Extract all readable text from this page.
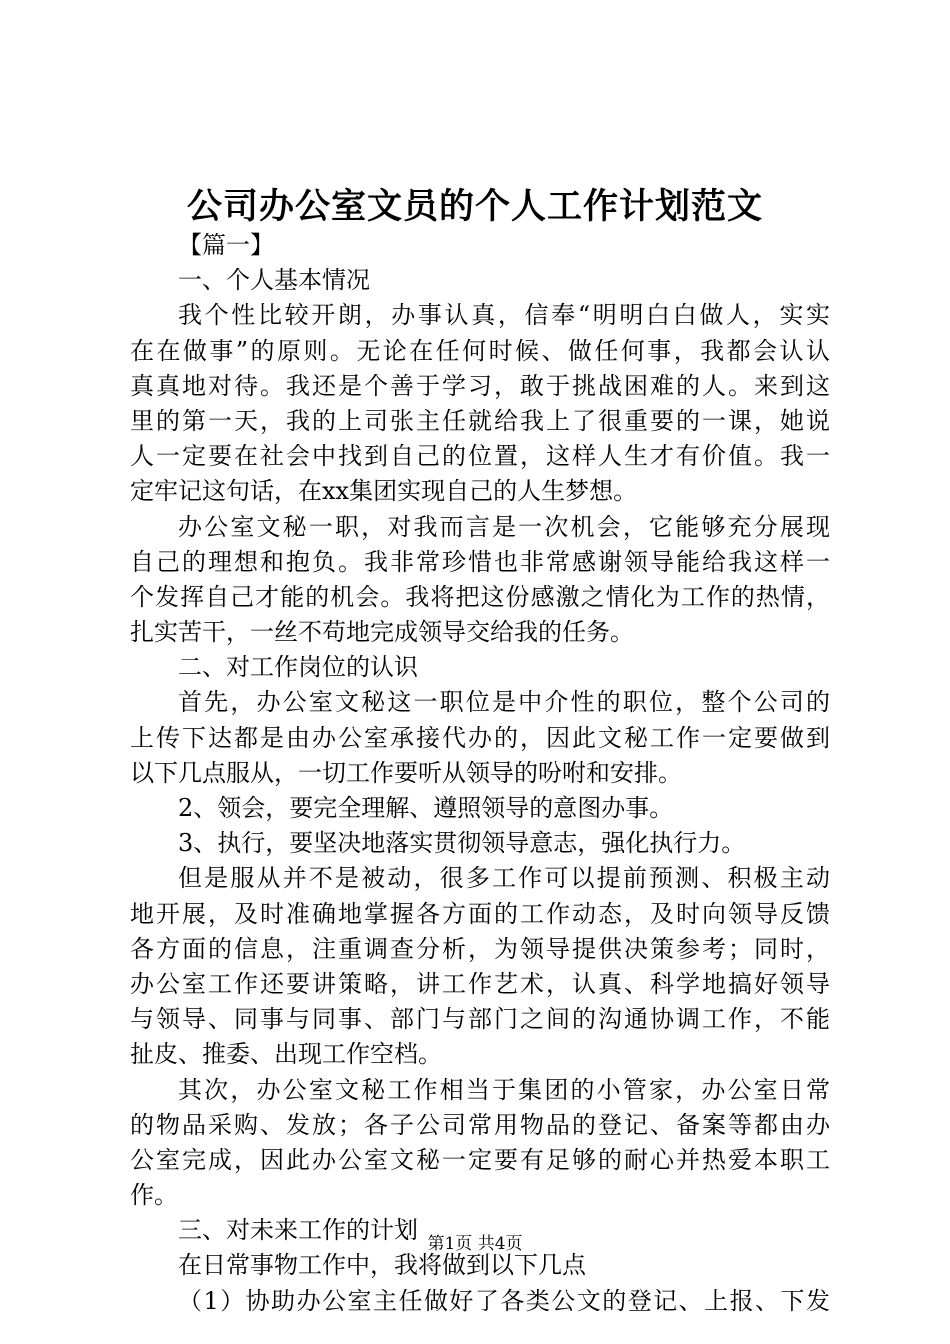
公司办公室文员的个人工作计划范文
【篇一】
一、个人基本情况
我个性比较开朗，办事认真，信奉“明明白白做人，实实
在在做事”的原则。无论在任何时候、做任何事，我都会认认
真真地对待。我还是个善于学习，敢于挑战困难的人。来到这
里的第一天，我的上司张主任就给我上了很重要的一课，她说
人一定要在社会中找到自己的位置，这样人生才有价值。我一
定牢记这句话，在xx集团实现自己的人生梦想。
办公室文秘一职，对我而言是一次机会，它能够充分展现
自己的理想和抱负。我非常珍惜也非常感谢领导能给我这样一
个发挥自己才能的机会。我将把这份感激之情化为工作的热情，
扎实苦干，一丝不苟地完成领导交给我的任务。
二、对工作岗位的认识
首先，办公室文秘这一职位是中介性的职位，整个公司的
上传下达都是由办公室承接代办的，因此文秘工作一定要做到
以下几点服从，一切工作要听从领导的吩咐和安排。
2、领会，要完全理解、遵照领导的意图办事。
3、执行，要坚决地落实贯彻领导意志，强化执行力。
但是服从并不是被动，很多工作可以提前预测、积极主动
地开展，及时准确地掌握各方面的工作动态，及时向领导反馈
各方面的信息，注重调查分析，为领导提供决策参考；同时，
办公室工作还要讲策略，讲工作艺术，认真、科学地搞好领导
与领导、同事与同事、部门与部门之间的沟通协调工作，不能
扯皮、推委、出现工作空档。
其次，办公室文秘工作相当于集团的小管家，办公室日常
的物品采购、发放；各子公司常用物品的登记、备案等都由办
公室完成，因此办公室文秘一定要有足够的耐心并热爱本职工
作。
三、对未来工作的计划
在日常事物工作中，我将做到以下几点
（1）协助办公室主任做好了各类公文的登记、上报、下发
第1页 共4页
